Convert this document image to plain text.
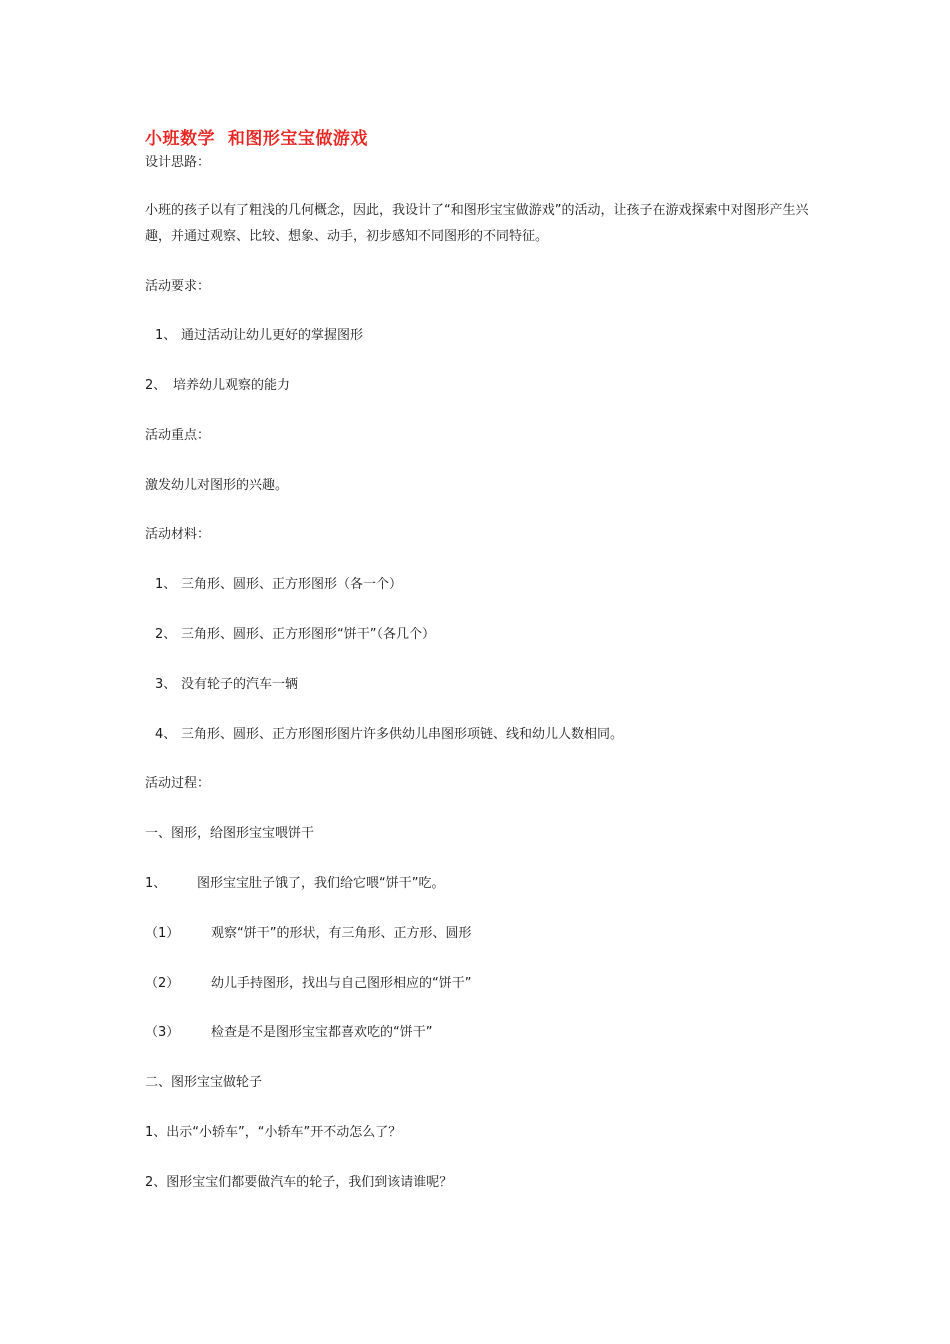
小班数学  和图形宝宝做游戏
设计思路：
小班的孩子以有了粗浅的几何概念，因此，我设计了“和图形宝宝做游戏”的活动，让孩子在游戏探索中对图形产生兴趣，并通过观察、比较、想象、动手，初步感知不同图形的不同特征。
活动要求：
1、 通过活动让幼儿更好的掌握图形
2、 培养幼儿观察的能力
活动重点：
激发幼儿对图形的兴趣。
活动材料：
1、 三角形、圆形、正方形图形（各一个）
2、 三角形、圆形、正方形图形“饼干”（各几个）
3、 没有轮子的汽车一辆
4、 三角形、圆形、正方形图形图片许多供幼儿串图形项链、线和幼儿人数相同。
活动过程：
一、图形，给图形宝宝喂饼干
1、 图形宝宝肚子饿了，我们给它喂“饼干”吃。
（1） 观察“饼干”的形状，有三角形、正方形、圆形
（2） 幼儿手持图形，找出与自己图形相应的“饼干”
（3） 检查是不是图形宝宝都喜欢吃的“饼干”
二、图形宝宝做轮子
1、出示“小轿车”，“小轿车”开不动怎么了？
2、图形宝宝们都要做汽车的轮子，我们到该请谁呢？
